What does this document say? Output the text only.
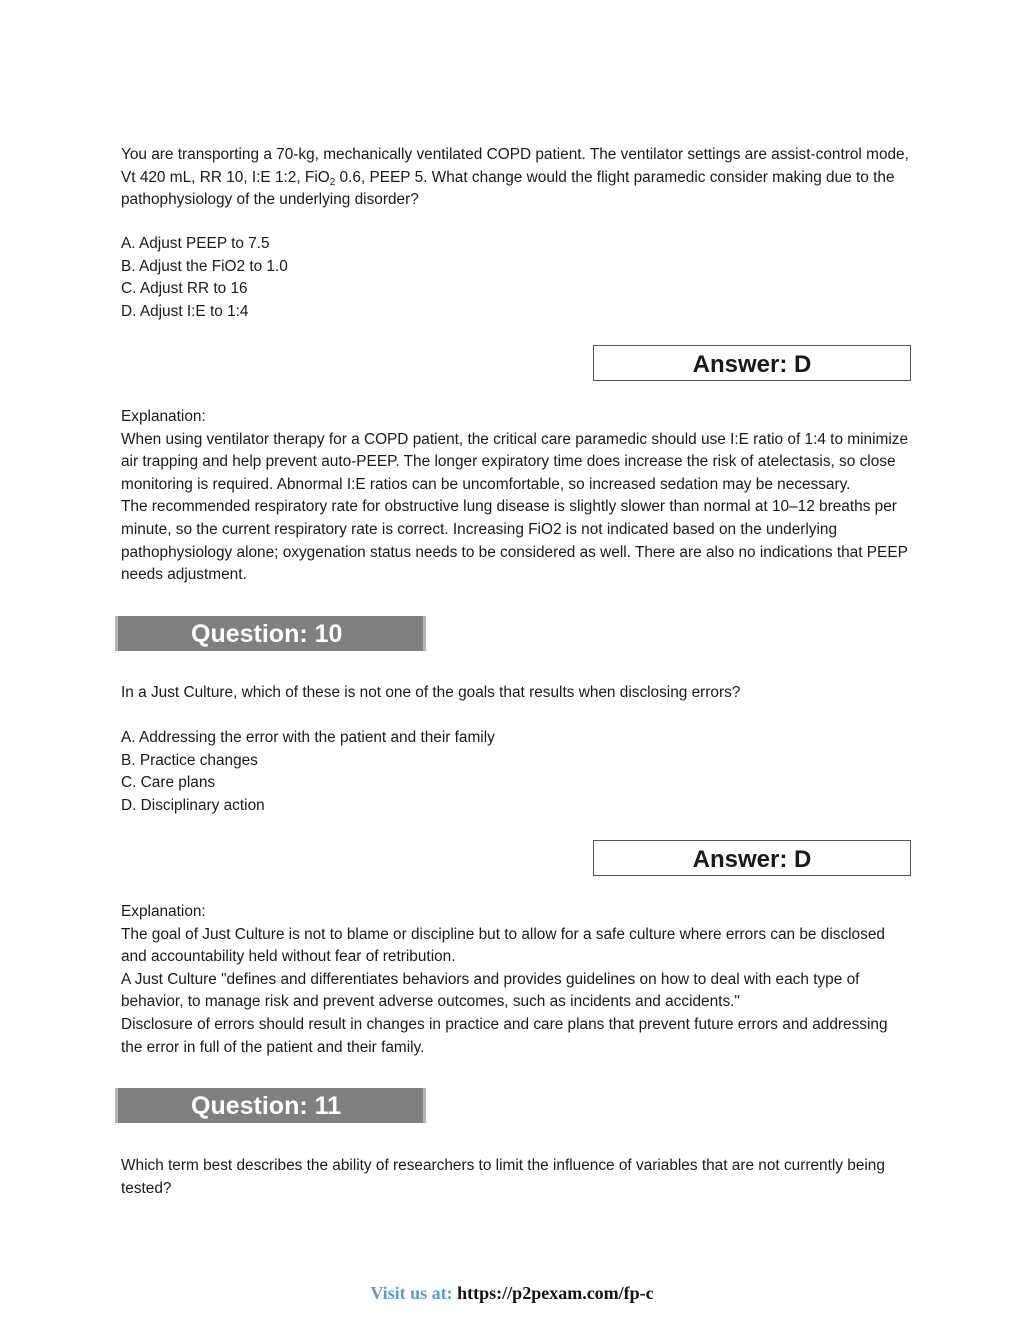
You are transporting a 70-kg, mechanically ventilated COPD patient. The ventilator settings are assist-control mode, Vt 420 mL, RR 10, I:E 1:2, FiO$_2$ 0.6, PEEP 5. What change would the flight paramedic consider making due to the pathophysiology of the underlying disorder?

A. Adjust PEEP to 7.5
B. Adjust the FiO2 to 1.0
C. Adjust RR to 16
D. Adjust I:E to 1:4
Answer: D
Explanation:
When using ventilator therapy for a COPD patient, the critical care paramedic should use I:E ratio of 1:4 to minimize air trapping and help prevent auto-PEEP. The longer expiratory time does increase the risk of atelectasis, so close monitoring is required. Abnormal I:E ratios can be uncomfortable, so increased sedation may be necessary.
The recommended respiratory rate for obstructive lung disease is slightly slower than normal at 10–12 breaths per minute, so the current respiratory rate is correct. Increasing FiO2 is not indicated based on the underlying pathophysiology alone; oxygenation status needs to be considered as well. There are also no indications that PEEP needs adjustment.
Question: 10

In a Just Culture, which of these is not one of the goals that results when disclosing errors?

A. Addressing the error with the patient and their family
B. Practice changes
C. Care plans
D. Disciplinary action
Answer: D
Explanation:
The goal of Just Culture is not to blame or discipline but to allow for a safe culture where errors can be disclosed and accountability held without fear of retribution.
A Just Culture "defines and differentiates behaviors and provides guidelines on how to deal with each type of behavior, to manage risk and prevent adverse outcomes, such as incidents and accidents."
Disclosure of errors should result in changes in practice and care plans that prevent future errors and addressing the error in full of the patient and their family.
Question: 11

Which term best describes the ability of researchers to limit the influence of variables that are not currently being tested?

Visit us at: https://p2pexam.com/fp-c
